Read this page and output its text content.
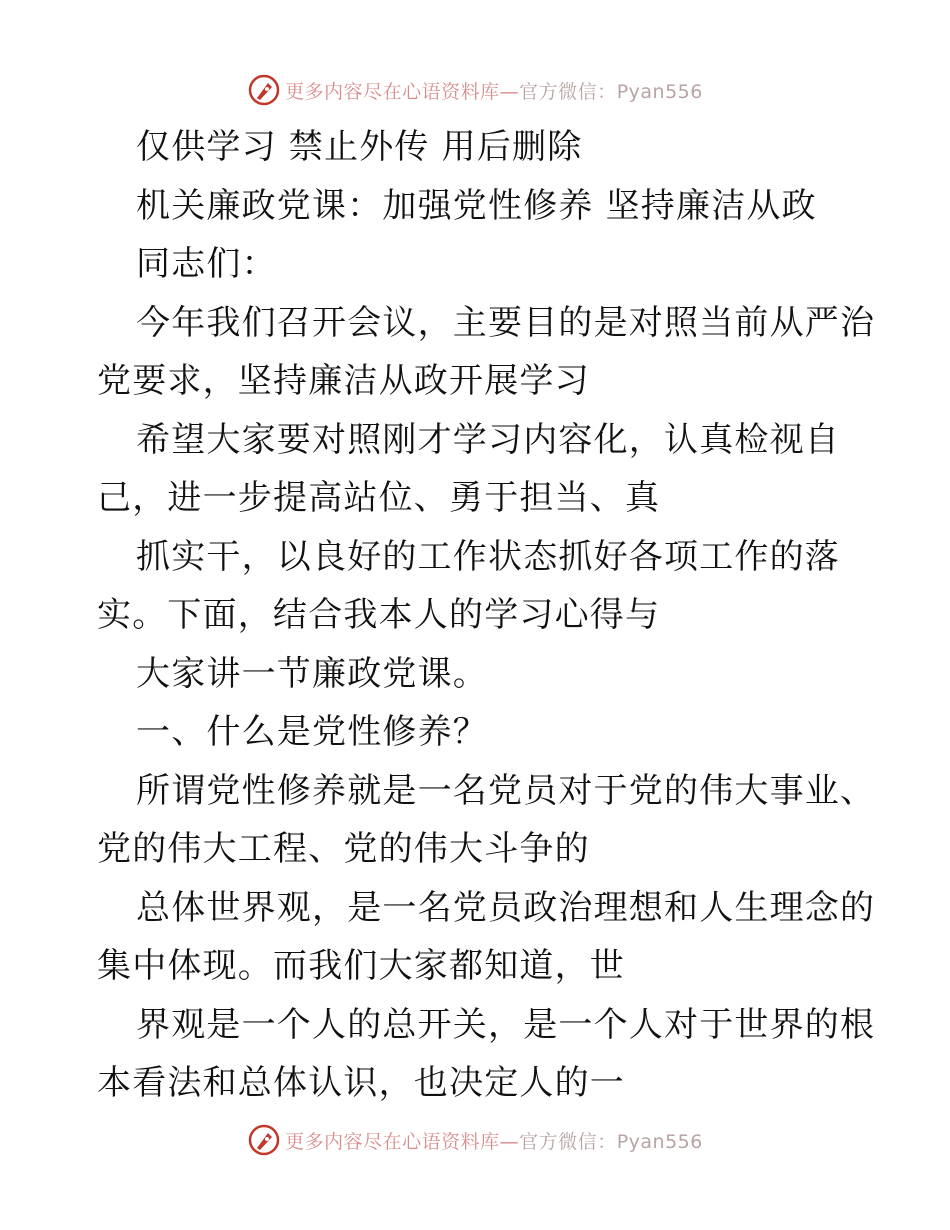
更多内容尽在心语资料库—官方微信：Pyan556
仅供学习 禁止外传 用后删除
机关廉政党课：加强党性修养 坚持廉洁从政
同志们：
今年我们召开会议，主要目的是对照当前从严治
党要求，坚持廉洁从政开展学习
希望大家要对照刚才学习内容化，认真检视自
己，进一步提高站位、勇于担当、真
抓实干，以良好的工作状态抓好各项工作的落
实。下面，结合我本人的学习心得与
大家讲一节廉政党课。
一、什么是党性修养？
所谓党性修养就是一名党员对于党的伟大事业、
党的伟大工程、党的伟大斗争的
总体世界观，是一名党员政治理想和人生理念的
集中体现。而我们大家都知道，世
界观是一个人的总开关，是一个人对于世界的根
本看法和总体认识，也决定人的一
更多内容尽在心语资料库—官方微信：Pyan556
